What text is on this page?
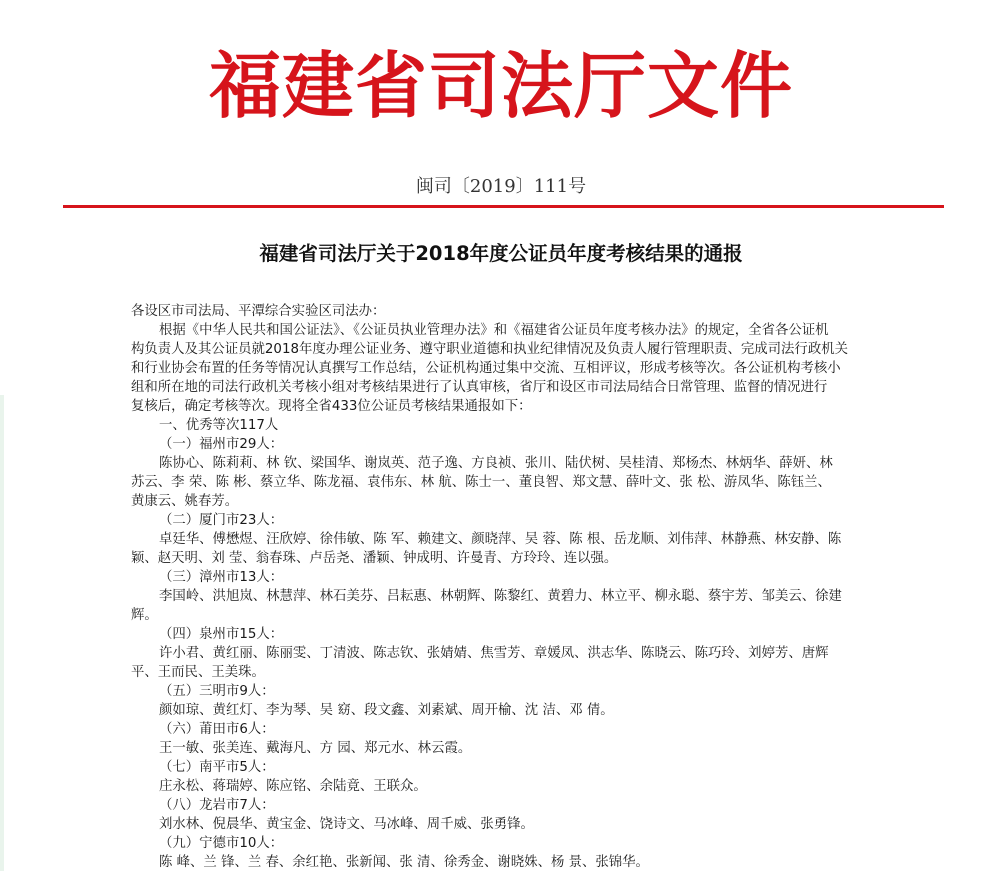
福建省司法厅文件
闽司〔2019〕111号
福建省司法厅关于2018年度公证员年度考核结果的通报
各设区市司法局、平潭综合实验区司法办：
根据《中华人民共和国公证法》、《公证员执业管理办法》和《福建省公证员年度考核办法》的规定，全省各公证机
构负责人及其公证员就2018年度办理公证业务、遵守职业道德和执业纪律情况及负责人履行管理职责、完成司法行政机关
和行业协会布置的任务等情况认真撰写工作总结，公证机构通过集中交流、互相评议，形成考核等次。各公证机构考核小
组和所在地的司法行政机关考核小组对考核结果进行了认真审核，省厅和设区市司法局结合日常管理、监督的情况进行
复核后，确定考核等次。现将全省433位公证员考核结果通报如下：
一、优秀等次117人
（一）福州市29人：
陈协心、陈莉莉、林 钦、梁国华、谢岚英、范子逸、方良祯、张川、陆伏树、吴桂清、郑杨杰、林炳华、薛妍、林
苏云、李 荣、陈 彬、蔡立华、陈龙福、袁伟东、林 航、陈士一、董良智、郑文慧、薛叶文、张 松、游凤华、陈钰兰、
黄康云、姚春芳。
（二）厦门市23人：
卓廷华、傅懋煜、汪欣婷、徐伟敏、陈 军、赖建文、颜晓萍、吴 蓉、陈 根、岳龙顺、刘伟萍、林静燕、林安静、陈
颖、赵天明、刘 莹、翁春珠、卢岳尧、潘颖、钟成明、许曼青、方玲玲、连以强。
（三）漳州市13人：
李国岭、洪旭岚、林慧萍、林石美芬、吕耘惠、林朝辉、陈黎红、黄碧力、林立平、柳永聪、蔡宇芳、邹美云、徐建
辉。
（四）泉州市15人：
许小君、黄红丽、陈丽雯、丁清波、陈志钦、张婧婧、焦雪芳、章媛凤、洪志华、陈晓云、陈巧玲、刘婷芳、唐辉
平、王而民、王美珠。
（五）三明市9人：
颜如琼、黄红灯、李为琴、吴 窈、段文鑫、刘素斌、周开榆、沈 洁、邓 倩。
（六）莆田市6人：
王一敏、张美连、戴海凡、方 园、郑元水、林云霞。
（七）南平市5人：
庄永松、蒋瑞婷、陈应铭、余陆竟、王联众。
（八）龙岩市7人：
刘水林、倪晨华、黄宝金、饶诗文、马冰峰、周千威、张勇锋。
（九）宁德市10人：
陈 峰、兰 锋、兰 春、余红艳、张新闻、张 清、徐秀金、谢晓姝、杨 景、张锦华。
